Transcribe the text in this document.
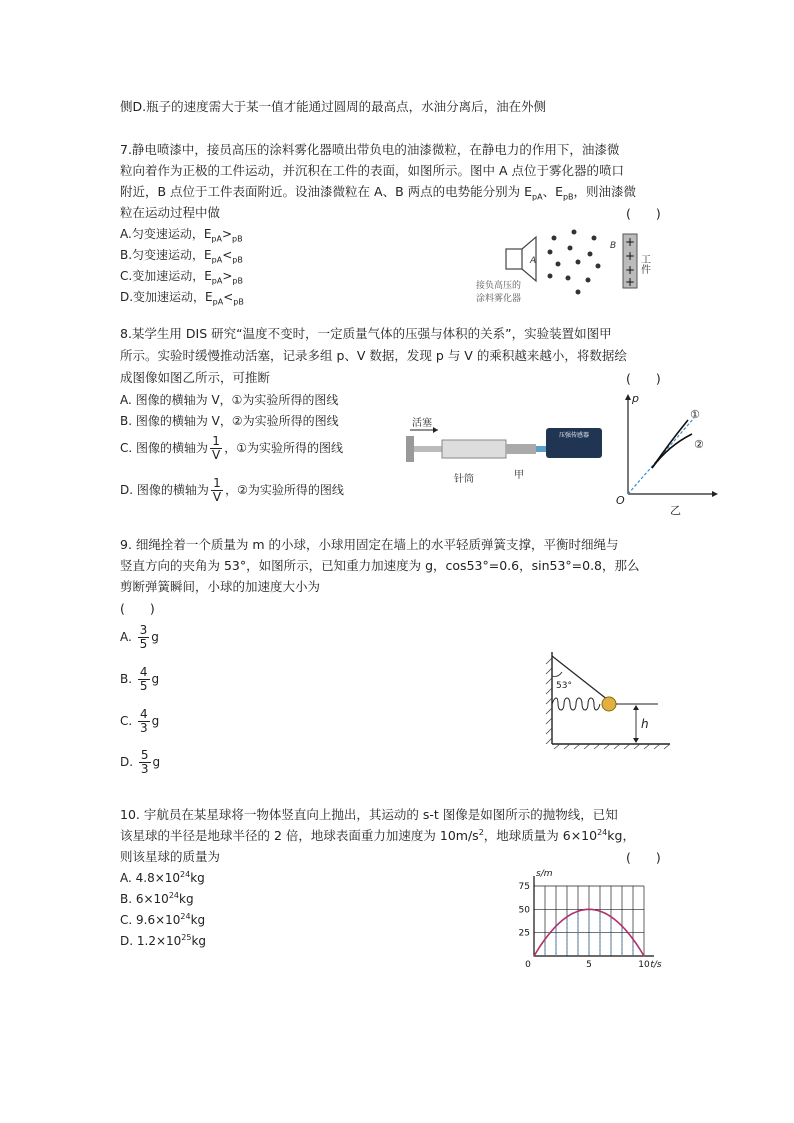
侧D.瓶子的速度需大于某一值才能通过圆周的最高点，水油分离后，油在外侧
7.静电喷漆中，接员高压的涂料雾化器喷出带负电的油漆微粒，在静电力的作用下，油漆微
粒向着作为正极的工件运动，并沉积在工件的表面，如图所示。图中 A 点位于雾化器的喷口
附近，B 点位于工件表面附近。设油漆微粒在 A、B 两点的电势能分别为 $E_{pA}$、$E_{pB}$，则油漆微
粒在运动过程中做	(　　)
A.匀变速运动，$E_{pA}>_{pB}$
B.匀变速运动，$E_{pA}<_{pB}$
C.变加速运动，$E_{pA}>_{pB}$
D.变加速运动，$E_{pA}<_{pB}$
A
B +
+
+
+
工件
接负高压的
涂料雾化器
8.某学生用 DIS 研究“温度不变时，一定质量气体的压强与体积的关系”，实验装置如图甲
所示。实验时缓慢推动活塞，记录多组 p、V 数据，发现 p 与 V 的乘积越来越小，将数据绘
成图像如图乙所示，可推断	(　　)
A. 图像的横轴为 V，①为实验所得的图线
B. 图像的横轴为 V，②为实验所得的图线
C. 图像的横轴为 $\frac{1}{V}$ ，①为实验所得的图线
D. 图像的横轴为 $\frac{1}{V}$ ，②为实验所得的图线
活塞
压强传感器
针筒	甲
p
O
①
②
乙
9. 细绳拴着一个质量为 m 的小球，小球用固定在墙上的水平轻质弹簧支撑，平衡时细绳与
竖直方向的夹角为 53°，如图所示，已知重力加速度为 g，cos53°=0.6，sin53°=0.8，那么
剪断弹簧瞬间，小球的加速度大小为
(　　)
A. $\frac{3}{5}$ g
B. $\frac{4}{5}$ g
C. $\frac{4}{3}$ g
D. $\frac{5}{3}$ g
53°
h
10. 宇航员在某星球将一物体竖直向上抛出，其运动的 s-t 图像是如图所示的抛物线，已知
该星球的半径是地球半径的 2 倍，地球表面重力加速度为 $10m/s^2$，地球质量为 $6\times 10^{24}kg$，
则该星球的质量为	(　　)
A. $4.8\times 10^{24}kg$
B. $6\times 10^{24}kg$
C. $9.6\times 10^{24}kg$
D. $1.2\times 10^{25}kg$
25
50
75
0	5	10 t/s
s/m
